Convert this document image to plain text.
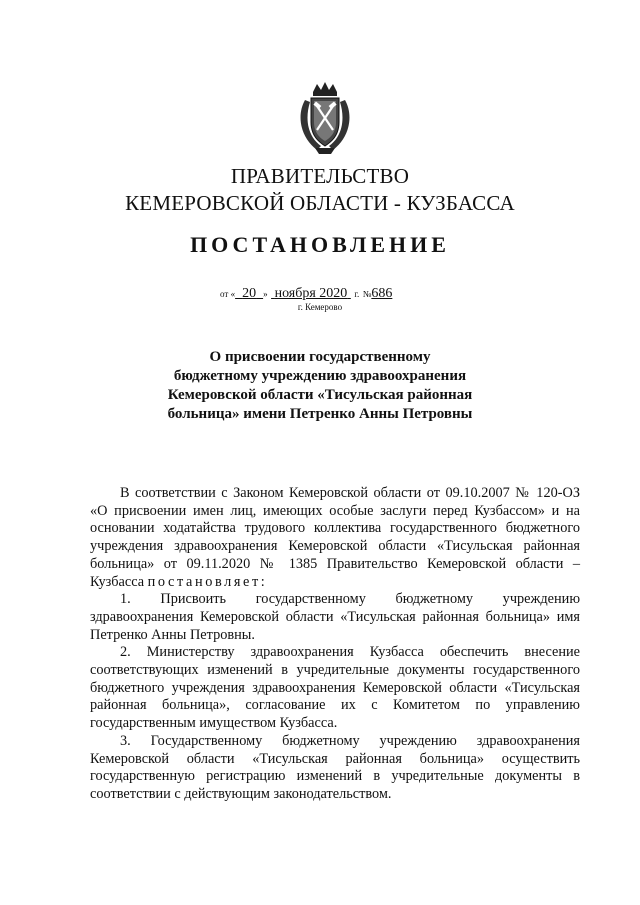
ПРАВИТЕЛЬСТВО
КЕМЕРОВСКОЙ ОБЛАСТИ - КУЗБАССА
ПОСТАНОВЛЕНИЕ
от « 20 » ноября 2020 г. №686
г. Кемерово
О присвоении государственному
бюджетному учреждению здравоохранения
Кемеровской области «Тисульская районная
больница» имени Петренко Анны Петровны

В соответствии с Законом Кемеровской области от 09.10.2007 № 120-ОЗ «О присвоении имен лиц, имеющих особые заслуги перед Кузбассом» и на основании ходатайства трудового коллектива государственного бюджетного учреждения здравоохранения Кемеровской области «Тисульская районная больница» от 09.11.2020 № 1385 Правительство Кемеровской области – Кузбасса постановляет:

1. Присвоить государственному бюджетному учреждению здравоохранения Кемеровской области «Тисульская районная больница» имя Петренко Анны Петровны.

2. Министерству здравоохранения Кузбасса обеспечить внесение соответствующих изменений в учредительные документы государственного бюджетного учреждения здравоохранения Кемеровской области «Тисульская районная больница», согласование их с Комитетом по управлению государственным имуществом Кузбасса.

3. Государственному бюджетному учреждению здравоохранения Кемеровской области «Тисульская районная больница» осуществить государственную регистрацию изменений в учредительные документы в соответствии с действующим законодательством.
